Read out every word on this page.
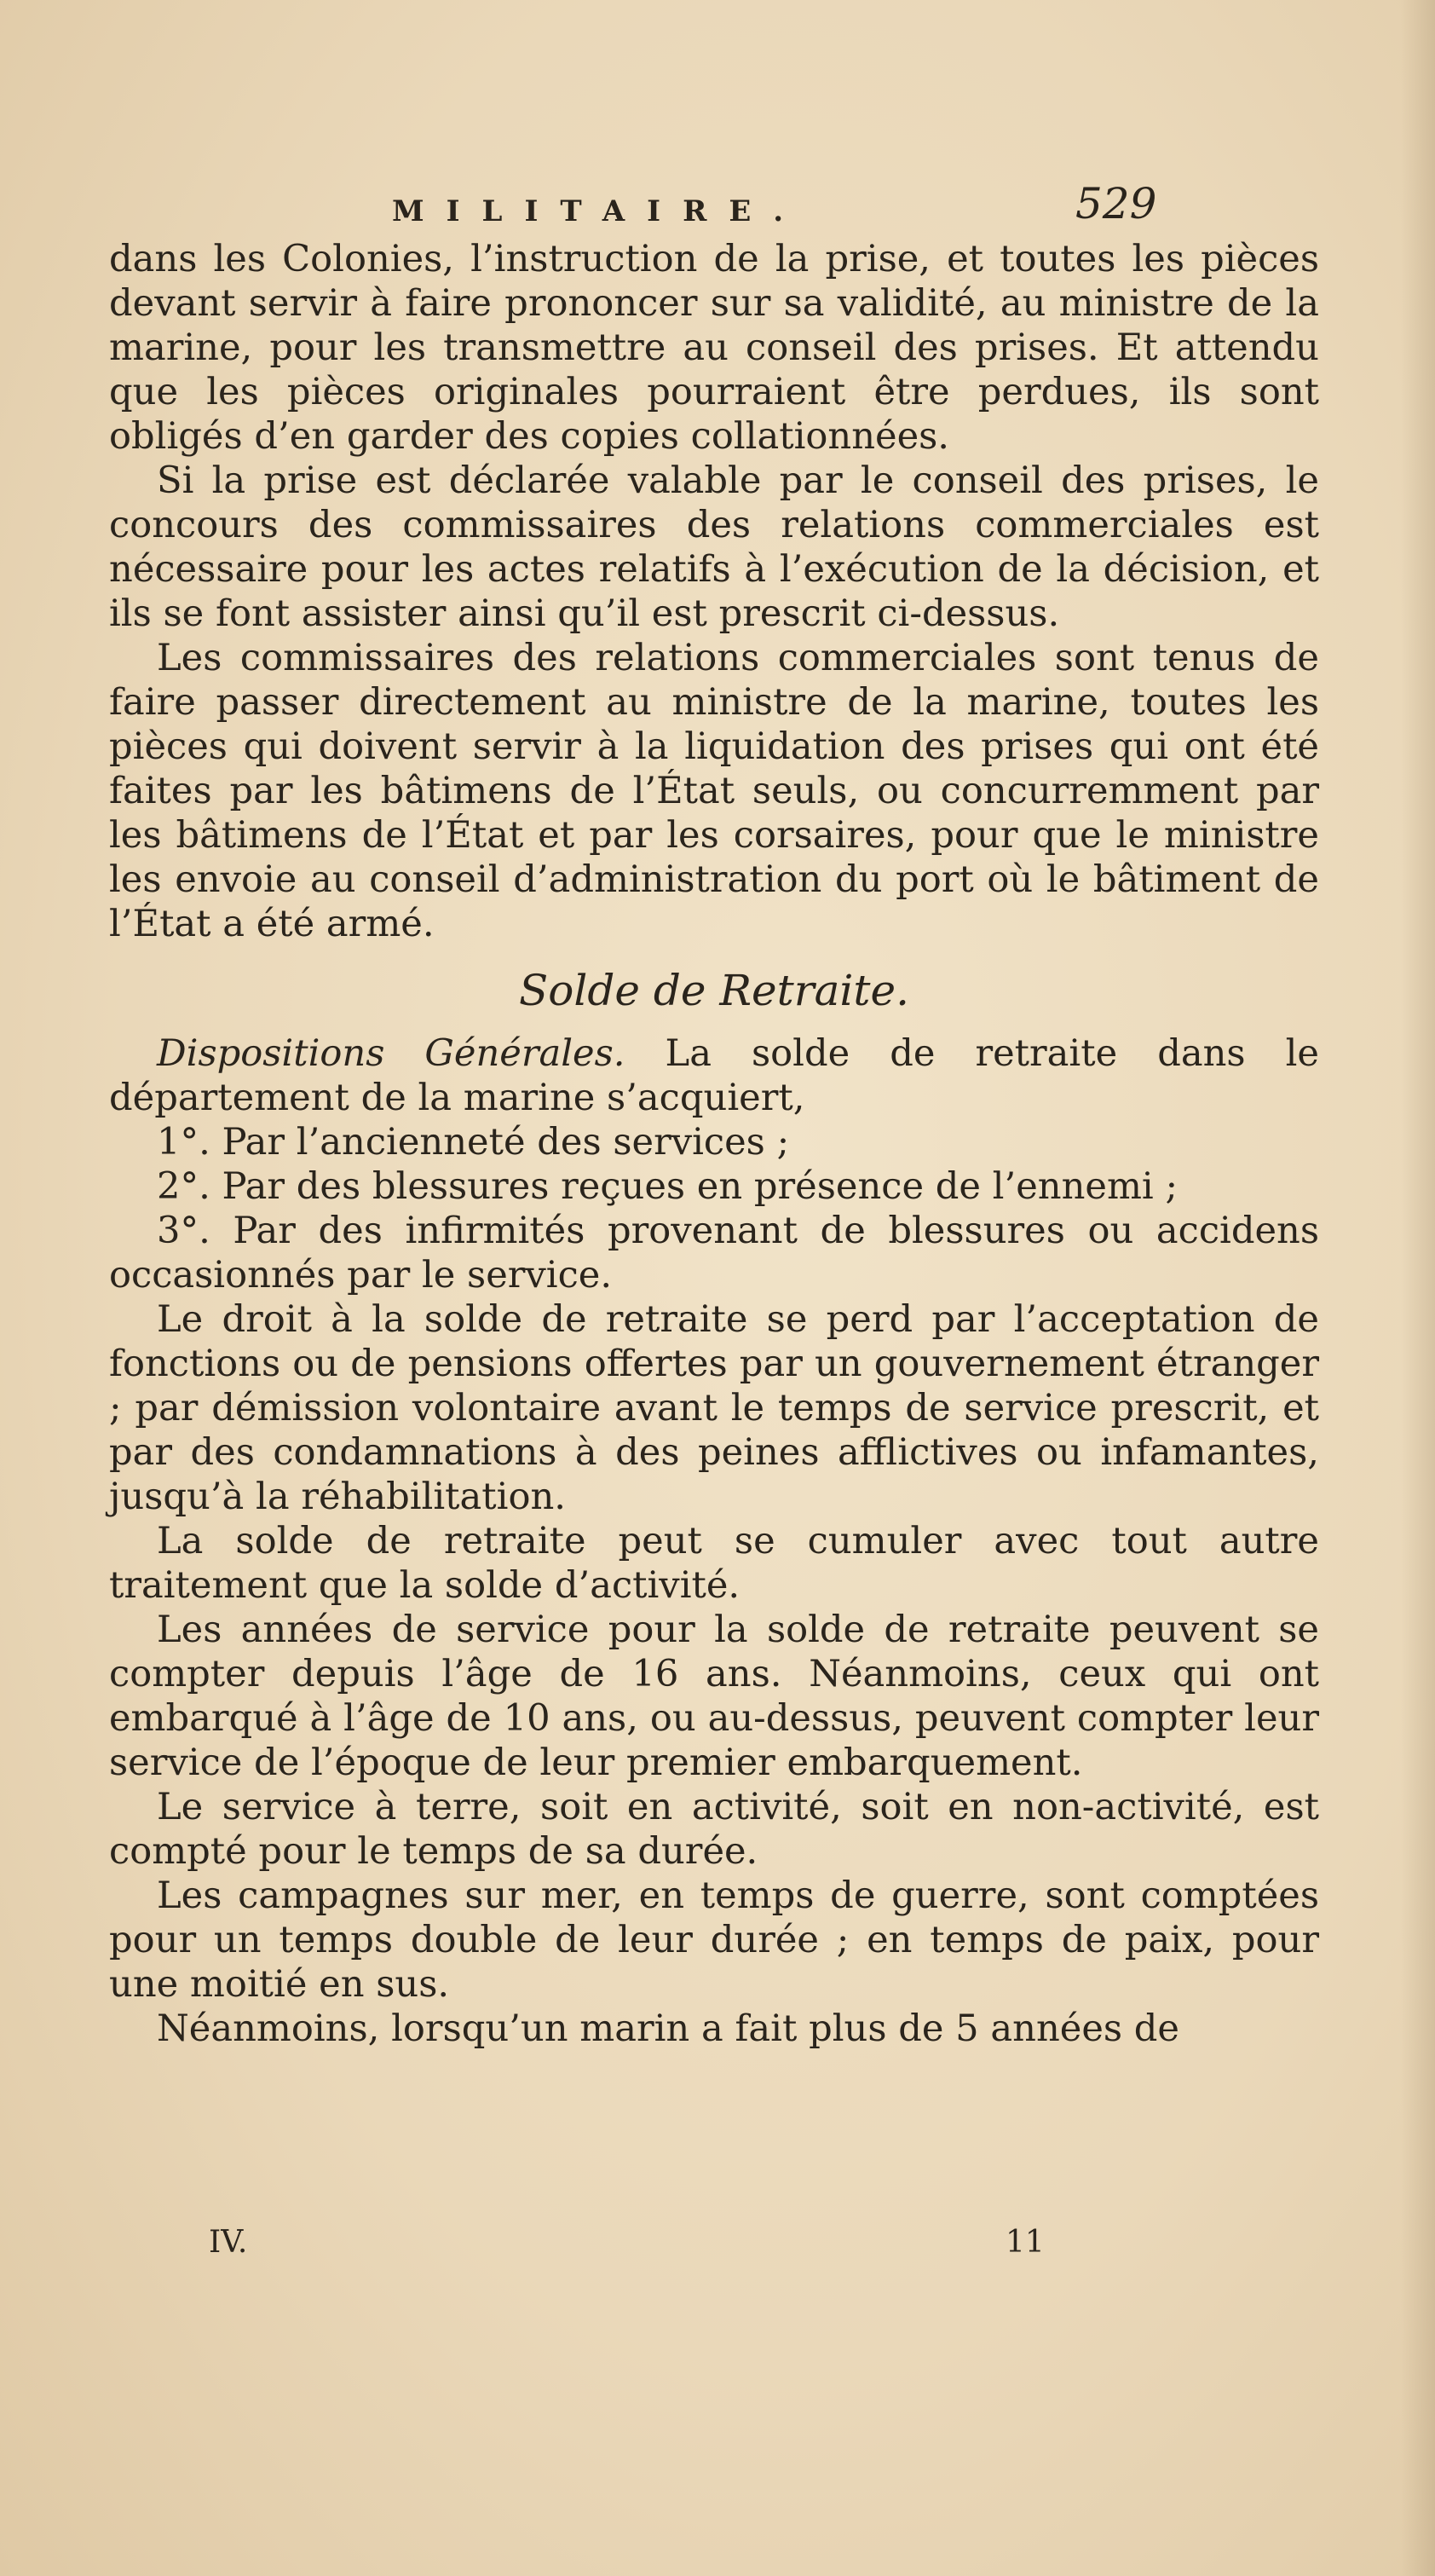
MILITAIRE.	529

dans les Colonies, l’instruction de la prise, et toutes les pièces devant servir à faire prononcer sur sa validité, au ministre de la marine, pour les transmettre au conseil des prises. Et attendu que les pièces originales pourraient être perdues, ils sont obligés d’en garder des copies collationnées.

Si la prise est déclarée valable par le conseil des prises, le concours des commissaires des relations commerciales est nécessaire pour les actes relatifs à l’exécution de la décision, et ils se font assister ainsi qu’il est prescrit ci-dessus.

Les commissaires des relations commerciales sont tenus de faire passer directement au ministre de la marine, toutes les pièces qui doivent servir à la liquidation des prises qui ont été faites par les bâtimens de l’État seuls, ou concurremment par les bâtimens de l’État et par les corsaires, pour que le ministre les envoie au conseil d’administration du port où le bâtiment de l’État a été armé.

Solde de Retraite.

Dispositions Générales. La solde de retraite dans le département de la marine s’acquiert,

1°. Par l’ancienneté des services ;

2°. Par des blessures reçues en présence de l’ennemi ;

3°. Par des infirmités provenant de blessures ou accidens occasionnés par le service.

Le droit à la solde de retraite se perd par l’acceptation de fonctions ou de pensions offertes par un gouvernement étranger ; par démission volontaire avant le temps de service prescrit, et par des condamnations à des peines afflictives ou infamantes, jusqu’à la réhabilitation.

La solde de retraite peut se cumuler avec tout autre traitement que la solde d’activité.

Les années de service pour la solde de retraite peuvent se compter depuis l’âge de 16 ans. Néanmoins, ceux qui ont embarqué à l’âge de 10 ans, ou au-dessus, peuvent compter leur service de l’époque de leur premier embarquement.

Le service à terre, soit en activité, soit en non-activité, est compté pour le temps de sa durée.

Les campagnes sur mer, en temps de guerre, sont comptées pour un temps double de leur durée ; en temps de paix, pour une moitié en sus.

Néanmoins, lorsqu’un marin a fait plus de 5 années de

IV.	11
